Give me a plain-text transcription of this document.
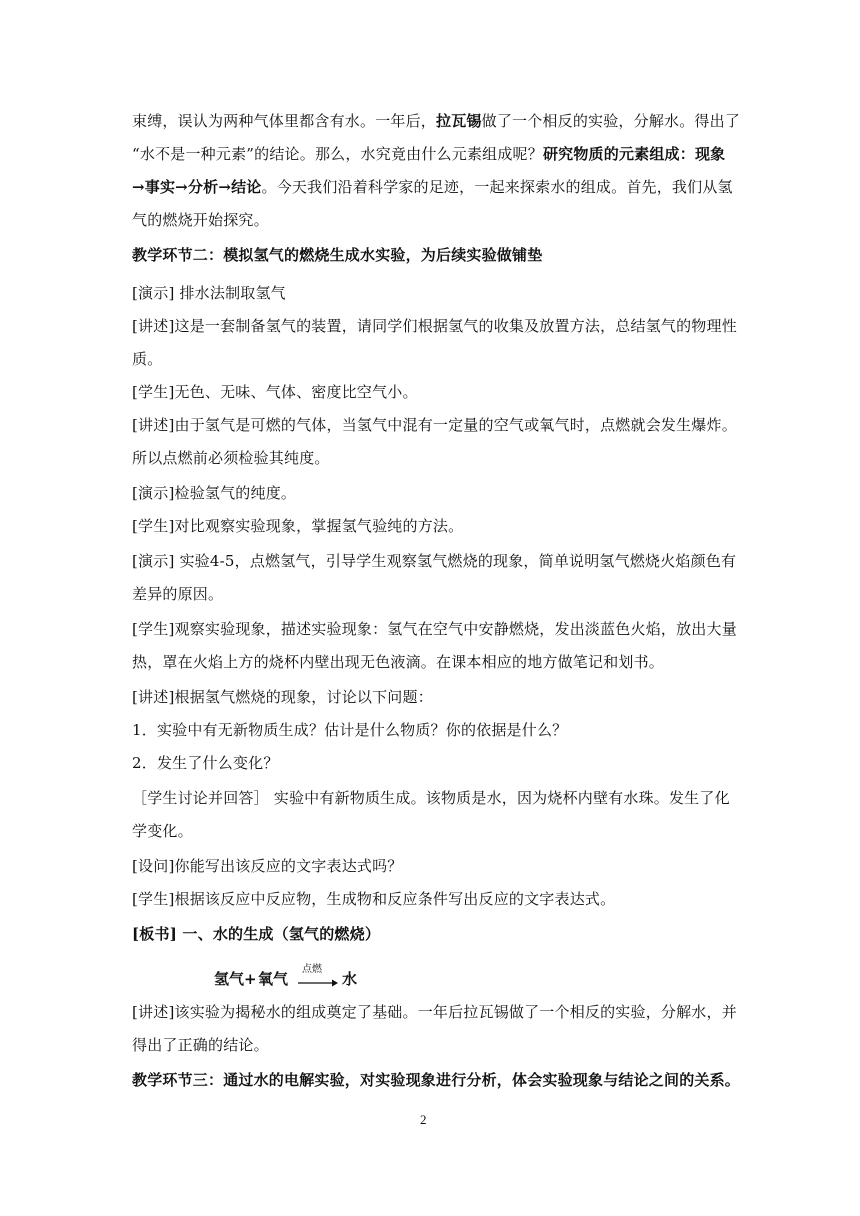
束缚，误认为两种气体里都含有水。一年后，拉瓦锡做了一个相反的实验，分解水。得出了
“水不是一种元素”的结论。那么，水究竟由什么元素组成呢？研究物质的元素组成：现象
→事实→分析→结论。今天我们沿着科学家的足迹，一起来探索水的组成。首先，我们从氢
气的燃烧开始探究。
教学环节二：模拟氢气的燃烧生成水实验，为后续实验做铺垫
[演示] 排水法制取氢气
[讲述]这是一套制备氢气的装置，请同学们根据氢气的收集及放置方法，总结氢气的物理性
质。
[学生]无色、无味、气体、密度比空气小。
[讲述]由于氢气是可燃的气体，当氢气中混有一定量的空气或氧气时，点燃就会发生爆炸。
所以点燃前必须检验其纯度。
[演示]检验氢气的纯度。
[学生]对比观察实验现象，掌握氢气验纯的方法。
[演示] 实验4-5，点燃氢气，引导学生观察氢气燃烧的现象，简单说明氢气燃烧火焰颜色有
差异的原因。
[学生]观察实验现象，描述实验现象：氢气在空气中安静燃烧，发出淡蓝色火焰，放出大量
热，罩在火焰上方的烧杯内壁出现无色液滴。在课本相应的地方做笔记和划书。
[讲述]根据氢气燃烧的现象，讨论以下问题：
1．实验中有无新物质生成？估计是什么物质？你的依据是什么？
2．发生了什么变化？
［学生讨论并回答］ 实验中有新物质生成。该物质是水，因为烧杯内壁有水珠。发生了化
学变化。
[设问]你能写出该反应的文字表达式吗？
[学生]根据该反应中反应物，生成物和反应条件写出反应的文字表达式。
[板书] 一、水的生成（氢气的燃烧）
[讲述]该实验为揭秘水的组成奠定了基础。一年后拉瓦锡做了一个相反的实验，分解水，并
得出了正确的结论。
教学环节三：通过水的电解实验，对实验现象进行分析，体会实验现象与结论之间的关系。
氢气+ 氧气
点燃
→ 水
2
